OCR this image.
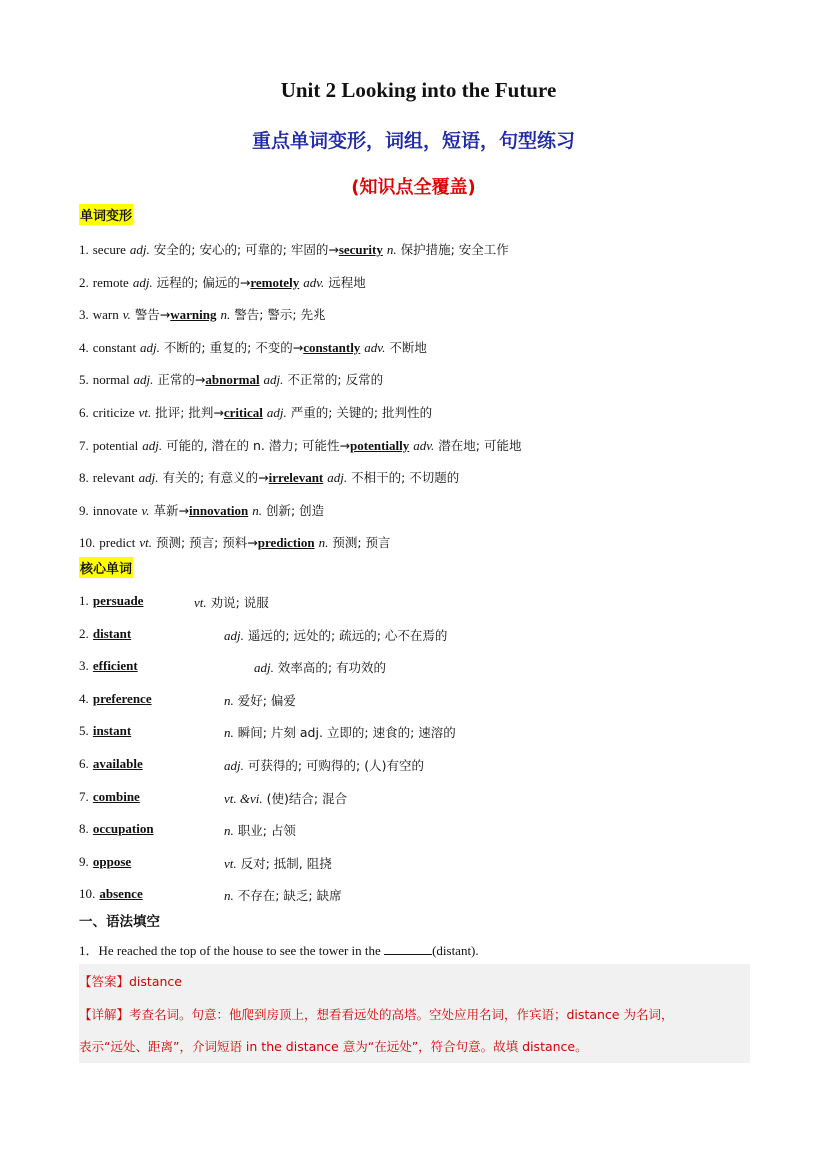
Unit 2 Looking into the Future
重点单词变形，词组，短语，句型练习
(知识点全覆盖)
单词变形
1. secure adj. 安全的; 安心的; 可靠的; 牢固的→security n. 保护措施; 安全工作
2. remote adj. 远程的; 偏远的→remotely adv. 远程地
3. warn v. 警告→warning n. 警告; 警示; 先兆
4. constant adj. 不断的; 重复的; 不变的→constantly adv. 不断地
5. normal adj. 正常的→abnormal adj. 不正常的; 反常的
6. criticize vt. 批评; 批判→critical adj. 严重的; 关键的; 批判性的
7. potential adj. 可能的, 潜在的 n. 潜力; 可能性→potentially adv. 潜在地; 可能地
8. relevant adj. 有关的; 有意义的→irrelevant adj. 不相干的; 不切题的
9. innovate v. 革新→innovation n. 创新; 创造
10. predict vt. 预测; 预言; 预料→prediction n. 预测; 预言
核心单词
1. persuade	vt. 劝说; 说服
2. distant	adj. 遥远的; 远处的; 疏远的; 心不在焉的
3. efficient	adj. 效率高的; 有功效的
4. preference	n. 爱好; 偏爱
5. instant	n. 瞬间; 片刻 adj. 立即的; 速食的; 速溶的
6. available	adj. 可获得的; 可购得的; (人)有空的
7. combine	vt. &vi. (使)结合; 混合
8. occupation	n. 职业; 占领
9. oppose	vt. 反对; 抵制, 阻挠
10. absence	n. 不存在; 缺乏; 缺席
一、语法填空
1．He reached the top of the house to see the tower in the	(distant).
【答案】distance
【详解】考查名词。句意：他爬到房顶上，想看看远处的高塔。空处应用名词，作宾语；distance 为名词，
表示“远处、距离”，介词短语 in the distance 意为“在远处”，符合句意。故填 distance。
